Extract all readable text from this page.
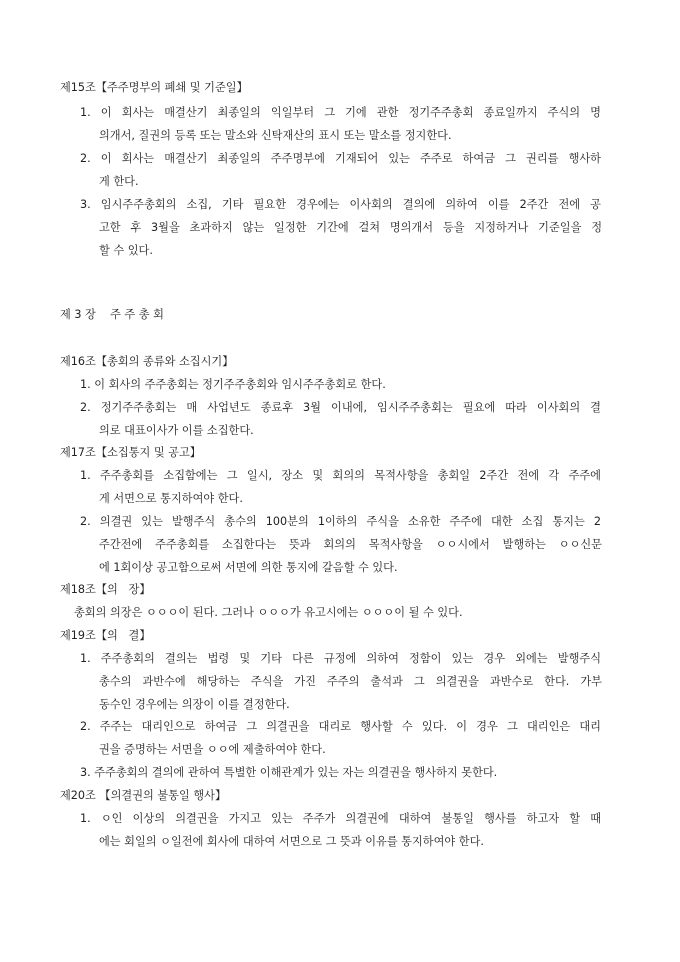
제15조【주주명부의 폐쇄 및 기준일】
1. 이 회사는 매결산기 최종일의 익일부터 그 기에 관한 정기주주총회 종료일까지 주식의 명
의개서, 질권의 등록 또는 말소와 신탁재산의 표시 또는 말소를 정지한다.
2. 이 회사는 매결산기 최종일의 주주명부에 기재되어 있는 주주로 하여금 그 권리를 행사하
게 한다.
3. 임시주주총회의 소집, 기타 필요한 경우에는 이사회의 결의에 의하여 이를 2주간 전에 공
고한 후 3월을 초과하지 않는 일정한 기간에 걸쳐 명의개서 등을 지정하거나 기준일을 정
할 수 있다.
제 3 장    주 주 총 회
제16조【총회의 종류와 소집시기】
1. 이 회사의 주주총회는 정기주주총회와 임시주주총회로 한다.
2. 정기주주총회는 매 사업년도 종료후 3월 이내에, 임시주주총회는 필요에 따라 이사회의 결
의로 대표이사가 이를 소집한다.
제17조【소집통지 및 공고】
1. 주주총회를 소집함에는 그 일시, 장소 및 회의의 목적사항을 총회일 2주간 전에 각 주주에
게 서면으로 통지하여야 한다.
2. 의결권 있는 발행주식 총수의 100분의 1이하의 주식을 소유한 주주에 대한 소집 통지는 2
주간전에 주주총회를 소집한다는 뜻과 회의의 목적사항을 ㅇㅇ시에서 발행하는 ㅇㅇ신문
에 1회이상 공고함으로써 서면에 의한 통지에 갈음할 수 있다.
제18조【의   장】
총회의 의장은 ㅇㅇㅇ이 된다. 그러나 ㅇㅇㅇ가 유고시에는 ㅇㅇㅇ이 될 수 있다.
제19조【의   결】
1. 주주총회의 결의는 법령 및 기타 다른 규정에 의하여 정함이 있는 경우 외에는 발행주식
총수의 과반수에 해당하는 주식을 가진 주주의 출석과 그 의결권을 과반수로 한다. 가부
동수인 경우에는 의장이 이를 결정한다.
2. 주주는 대리인으로 하여금 그 의결권을 대리로 행사할 수 있다. 이 경우 그 대리인은 대리
권을 증명하는 서면을 ㅇㅇ에 제출하여야 한다.
3. 주주총회의 결의에 관하여 특별한 이해관계가 있는 자는 의결권을 행사하지 못한다.
제20조 【의결권의 불통일 행사】
1. ㅇ인 이상의 의결권을 가지고 있는 주주가 의결권에 대하여 불통일 행사를 하고자 할 때
에는 회일의 ㅇ일전에 회사에 대하여 서면으로 그 뜻과 이유를 통지하여야 한다.
